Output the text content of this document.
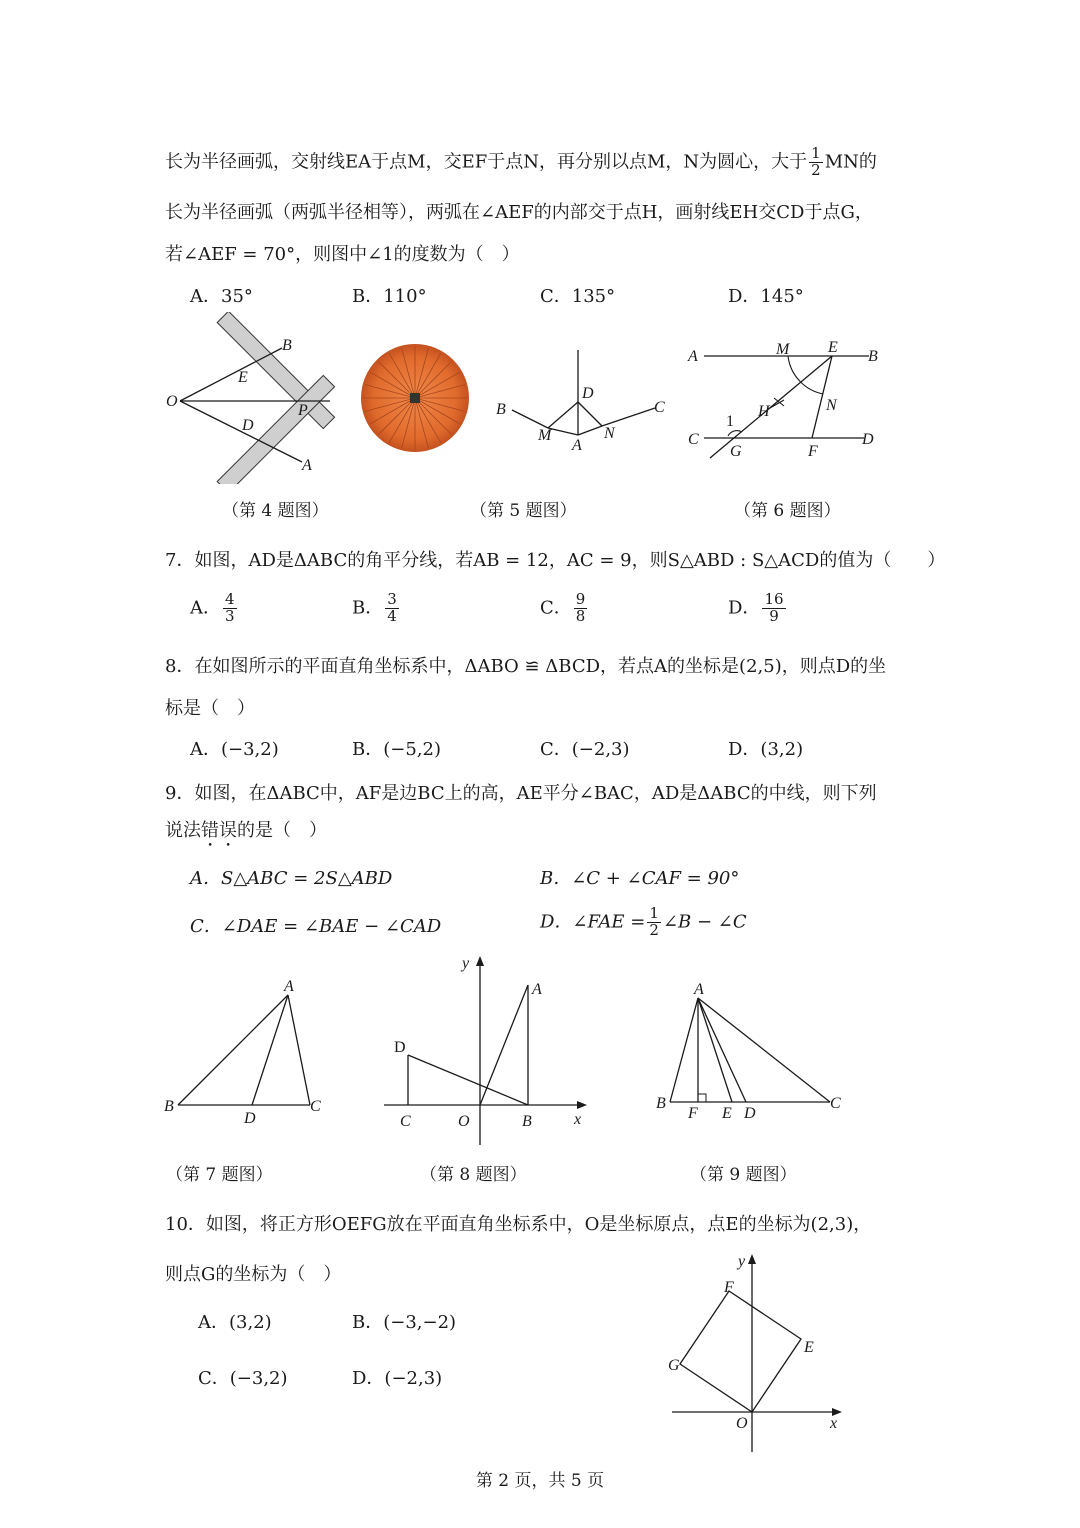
长为半径画弧，交射线EA于点M，交EF于点N，再分别以点M，N为圆心，大于 $\frac{1}{2}$ MN的
长为半径画弧（两弧半径相等），两弧在∠AEF的内部交于点H，画射线EH交CD于点G，
若∠AEF = 70°，则图中∠1的度数为（　）
A．35°	B．110°	C．135°	D．145°
B
E
O
P
D
A
B
D
C
M
A
N
A	M E
B
H	N
1
C
G	F
D
（第 4 题图）	（第 5 题图）	（第 6 题图）
7．如图，AD是ΔABC的角平分线，若AB = 12，AC = 9，则S△ABD : S△ACD的值为（　　）
A． $\frac{4}{3}$	B． $\frac{3}{4}$	C． $\frac{9}{8}$	D． $\frac{16}{9}$
8．在如图所示的平面直角坐标系中，ΔABO ≌ ΔBCD，若点A的坐标是(2,5)，则点D的坐
标是（　）
A．(−3,2)	B．(−5,2)	C．(−2,3)	D．(3,2)
9．如图，在ΔABC中，AF是边BC上的高，AE平分∠BAC，AD是ΔABC的中线，则下列
说法错误的是（　）
A．S△ABC = 2S△ABD	B．∠C + ∠CAF = 90°
C．∠DAE = ∠BAE − ∠CAD	D．∠FAE = $\frac{1}{2}$ ∠B − ∠C
A
B
D
C
y
A
D
C	O	B	x
A
B
F E D
C
（第 7 题图）	（第 8 题图）	（第 9 题图）
10．如图，将正方形OEFG放在平面直角坐标系中，O是坐标原点，点E的坐标为(2,3)，
则点G的坐标为（　）
A．(3,2)	B．(−3,−2)
C．(−3,2)	D．(−2,3)
y
F
E
G
O	x
第 2 页，共 5 页
